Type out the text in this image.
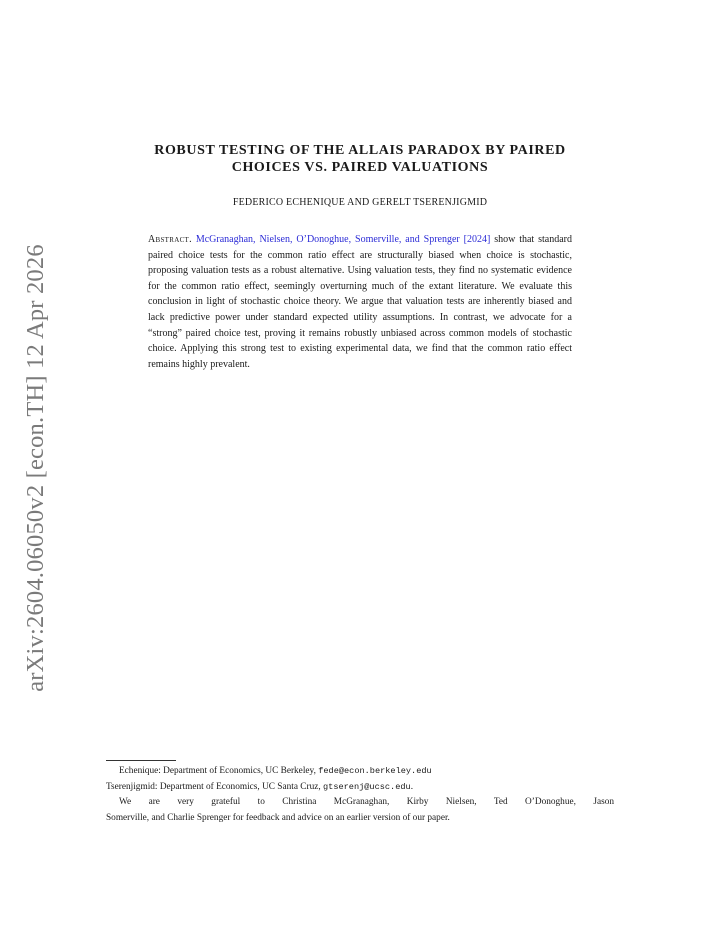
arXiv:2604.06050v2 [econ.TH] 12 Apr 2026
ROBUST TESTING OF THE ALLAIS PARADOX BY PAIRED
CHOICES VS. PAIRED VALUATIONS
FEDERICO ECHENIQUE AND GERELT TSERENJIGMID
Abstract. McGranaghan, Nielsen, O’Donoghue, Somerville, and Sprenger [2024] show that standard paired choice tests for the common ratio effect are structurally biased when choice is stochastic, proposing valuation tests as a robust alternative. Using valuation tests, they find no systematic evidence for the common ratio effect, seemingly overturning much of the extant literature. We evaluate this conclusion in light of stochastic choice theory. We argue that valuation tests are inherently biased and lack predictive power under standard expected utility assumptions. In contrast, we advocate for a “strong” paired choice test, proving it remains robustly unbiased across common models of stochastic choice. Applying this strong test to existing experimental data, we find that the common ratio effect remains highly prevalent.

Echenique: Department of Economics, UC Berkeley, fede@econ.berkeley.edu

Tserenjigmid: Department of Economics, UC Santa Cruz, gtserenj@ucsc.edu.

We are very grateful to Christina McGranaghan, Kirby Nielsen, Ted O’Donoghue, Jason

Somerville, and Charlie Sprenger for feedback and advice on an earlier version of our paper.
